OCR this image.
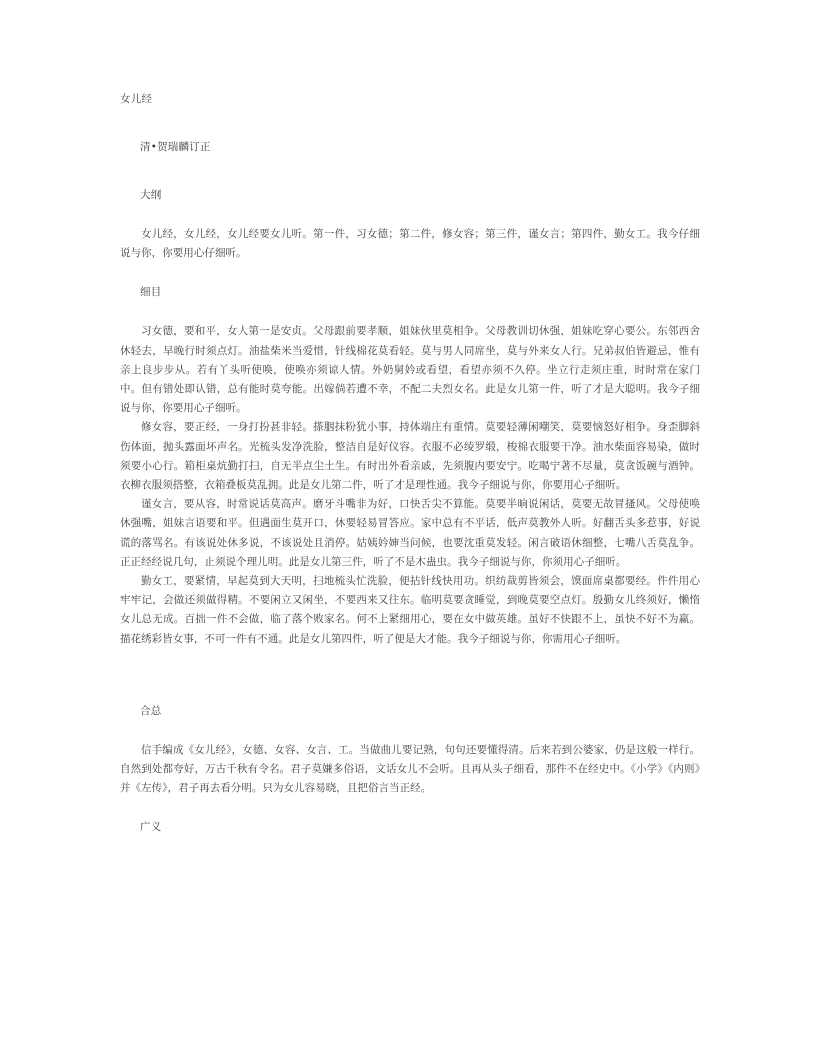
女儿经

清•贺瑞麟订正

大纲

女儿经，女儿经，女儿经要女儿听。第一件，习女德；第二件，修女容；第三件，谨女言；第四件，勤女工。我今仔细说与你，你要用心仔细听。

细目

习女德，要和平，女人第一是安贞。父母跟前要孝顺，姐妹伙里莫相争。父母教训切休强，姐妹吃穿心要公。东邻西舍休轻去，早晚行时须点灯。油盐柴米当爱惜，针线棉花莫看轻。莫与男人同席坐，莫与外来女人行。兄弟叔伯皆避忌，惟有亲上良步步从。若有丫头听使唤，使唤亦须谅人情。外奶舅妗或看望，看望亦须不久停。坐立行走须庄重，时时常在家门中。但有错处即认错，总有能时莫夸能。出嫁倘若遭不幸，不配二夫烈女名。此是女儿第一件，听了才是大聪明。我今子细说与你，你要用心子细听。

修女容，要正经，一身打扮甚非轻。搽胭抹粉犹小事，持体端庄有重情。莫要轻薄闲嘲笑，莫要恼怒好相争。身歪脚斜伤体面，抛头露面坏声名。光梳头发净洗脸，整洁自是好仪容。衣服不必绫罗缎，梭棉衣服要干净。油水柴面容易染，做时须要小心行。箱柜桌炕勤打扫，自无半点尘土生。有时出外看亲戚，先须腹内要安宁。吃喝宁著不尽量，莫贪饭碗与酒钟。衣柳衣服须搭整，衣箱叠板莫乱拥。此是女儿第二件，听了才是理性通。我今子细说与你，你要用心子细听。

谨女言，要从容，时常说话莫高声。磨牙斗嘴非为好，口快舌尖不算能。莫要半晌说闲话，莫要无故冒搔风。父母使唤休强嘴，姐妹言语要和平。但遇面生莫开口，休要轻易冒答应。家中总有不平话，低声莫教外人听。好翻舌头多惹事，好说谎的落骂名。有该说处休多说，不该说处且消停。姑姨妗婶当问候，也要沈重莫发轻。闲言破语休细整，七嘴八舌莫乱争。正正经经说几句，止须说个理儿明。此是女儿第三件，听了不是木蛊虫。我今子细说与你，你须用心子细听。

勤女工，要紧情，早起莫到大天明，扫地梳头忙洗脸，便拈针线快用功。织纺裁剪皆须会，馍面席桌都要经。件件用心牢牢记，会做还须做得精。不要闲立又闲坐，不要西来又往东。临明莫要贪睡觉，到晚莫要空点灯。殷勤女儿终须好，懒惰女儿总无成。百拙一件不会做，临了落个败家名。何不上紧细用心，要在女中做英雄。虽好不快跟不上，虽快不好不为赢。描花绣彩皆女事，不可一件有不通。此是女儿第四件，听了便是大才能。我今子细说与你，你需用心子细听。

合总

信手编成《女儿经》，女德、女容、女言、工。当做曲儿要记熟，句句还要懂得清。后来若到公婆家，仍是这般一样行。自然到处都夸好，万古千秋有令名。君子莫嫌多俗语，文话女儿不会听。且再从头子细看，那件不在经史中。《小学》《内则》并《左传》，君子再去看分明。只为女儿容易晓，且把俗言当正经。

广义
